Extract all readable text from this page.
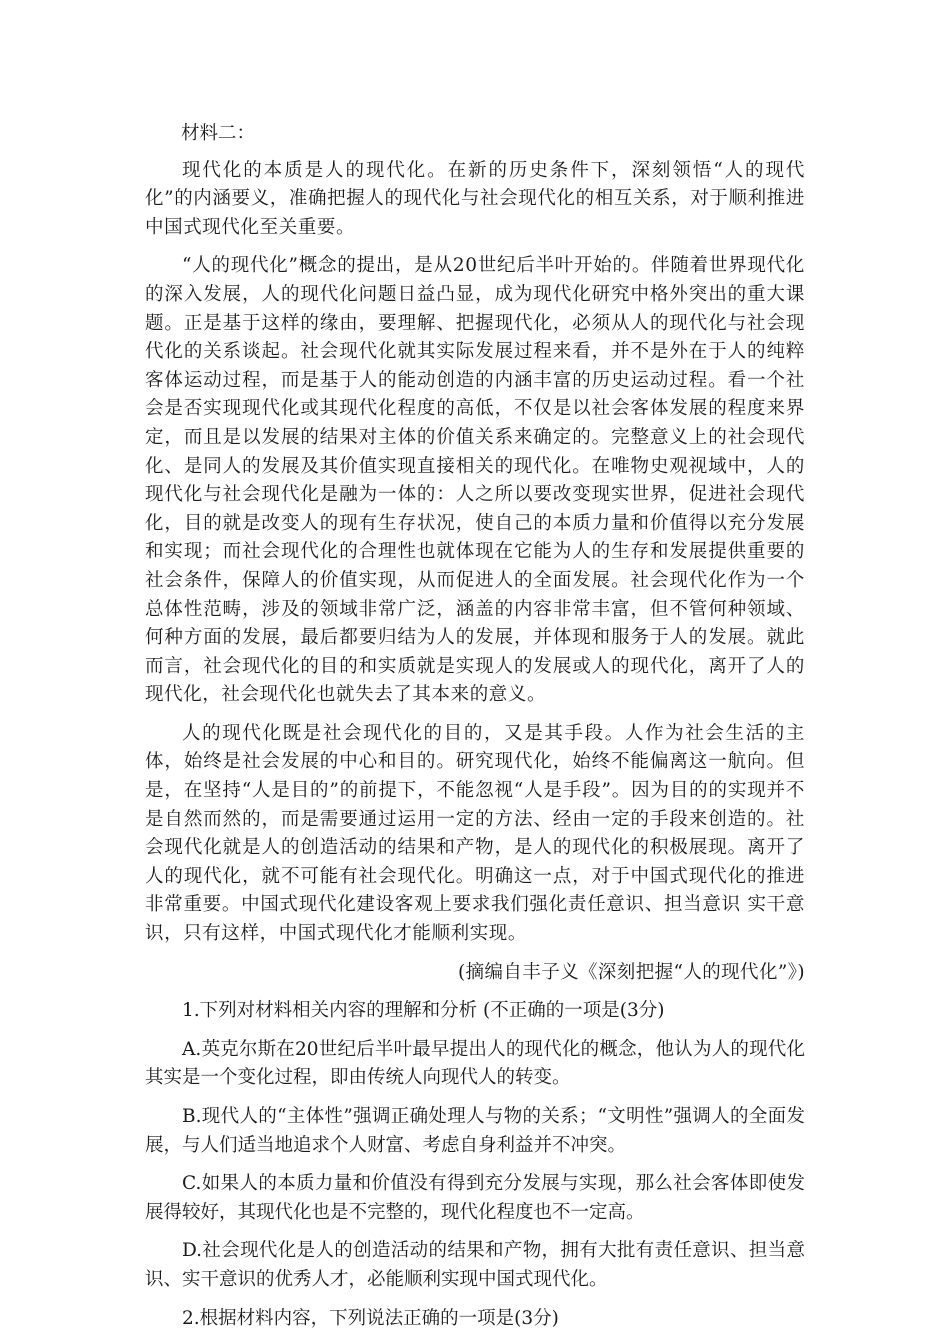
材料二：

现代化的本质是人的现代化。在新的历史条件下，深刻领悟“人的现代化”的内涵要义，准确把握人的现代化与社会现代化的相互关系，对于顺利推进中国式现代化至关重要。

“人的现代化”概念的提出，是从20世纪后半叶开始的。伴随着世界现代化的深入发展，人的现代化问题日益凸显，成为现代化研究中格外突出的重大课题。正是基于这样的缘由，要理解、把握现代化，必须从人的现代化与社会现代化的关系谈起。社会现代化就其实际发展过程来看，并不是外在于人的纯粹客体运动过程，而是基于人的能动创造的内涵丰富的历史运动过程。看一个社会是否实现现代化或其现代化程度的高低，不仅是以社会客体发展的程度来界定，而且是以发展的结果对主体的价值关系来确定的。完整意义上的社会现代化、是同人的发展及其价值实现直接相关的现代化。在唯物史观视域中，人的现代化与社会现代化是融为一体的：人之所以要改变现实世界，促进社会现代化，目的就是改变人的现有生存状况，使自己的本质力量和价值得以充分发展和实现；而社会现代化的合理性也就体现在它能为人的生存和发展提供重要的社会条件，保障人的价值实现，从而促进人的全面发展。社会现代化作为一个总体性范畴，涉及的领域非常广泛，涵盖的内容非常丰富，但不管何种领域、何种方面的发展，最后都要归结为人的发展，并体现和服务于人的发展。就此而言，社会现代化的目的和实质就是实现人的发展或人的现代化，离开了人的现代化，社会现代化也就失去了其本来的意义。

人的现代化既是社会现代化的目的，又是其手段。人作为社会生活的主体，始终是社会发展的中心和目的。研究现代化，始终不能偏离这一航向。但是，在坚持“人是目的”的前提下，不能忽视“人是手段”。因为目的的实现并不是自然而然的，而是需要通过运用一定的方法、经由一定的手段来创造的。社会现代化就是人的创造活动的结果和产物，是人的现代化的积极展现。离开了人的现代化，就不可能有社会现代化。明确这一点，对于中国式现代化的推进非常重要。中国式现代化建设客观上要求我们强化责任意识、担当意识 实干意识，只有这样，中国式现代化才能顺利实现。

(摘编自丰子义《深刻把握“人的现代化”》)
1.下列对材料相关内容的理解和分析 (不正确的一项是(3分)
A.英克尔斯在20世纪后半叶最早提出人的现代化的概念，他认为人的现代化其实是一个变化过程，即由传统人向现代人的转变。
B.现代人的“主体性”强调正确处理人与物的关系；“文明性”强调人的全面发展，与人们适当地追求个人财富、考虑自身利益并不冲突。
C.如果人的本质力量和价值没有得到充分发展与实现，那么社会客体即使发展得较好，其现代化也是不完整的，现代化程度也不一定高。
D.社会现代化是人的创造活动的结果和产物，拥有大批有责任意识、担当意识、实干意识的优秀人才，必能顺利实现中国式现代化。
2.根据材料内容，下列说法正确的一项是(3分)
